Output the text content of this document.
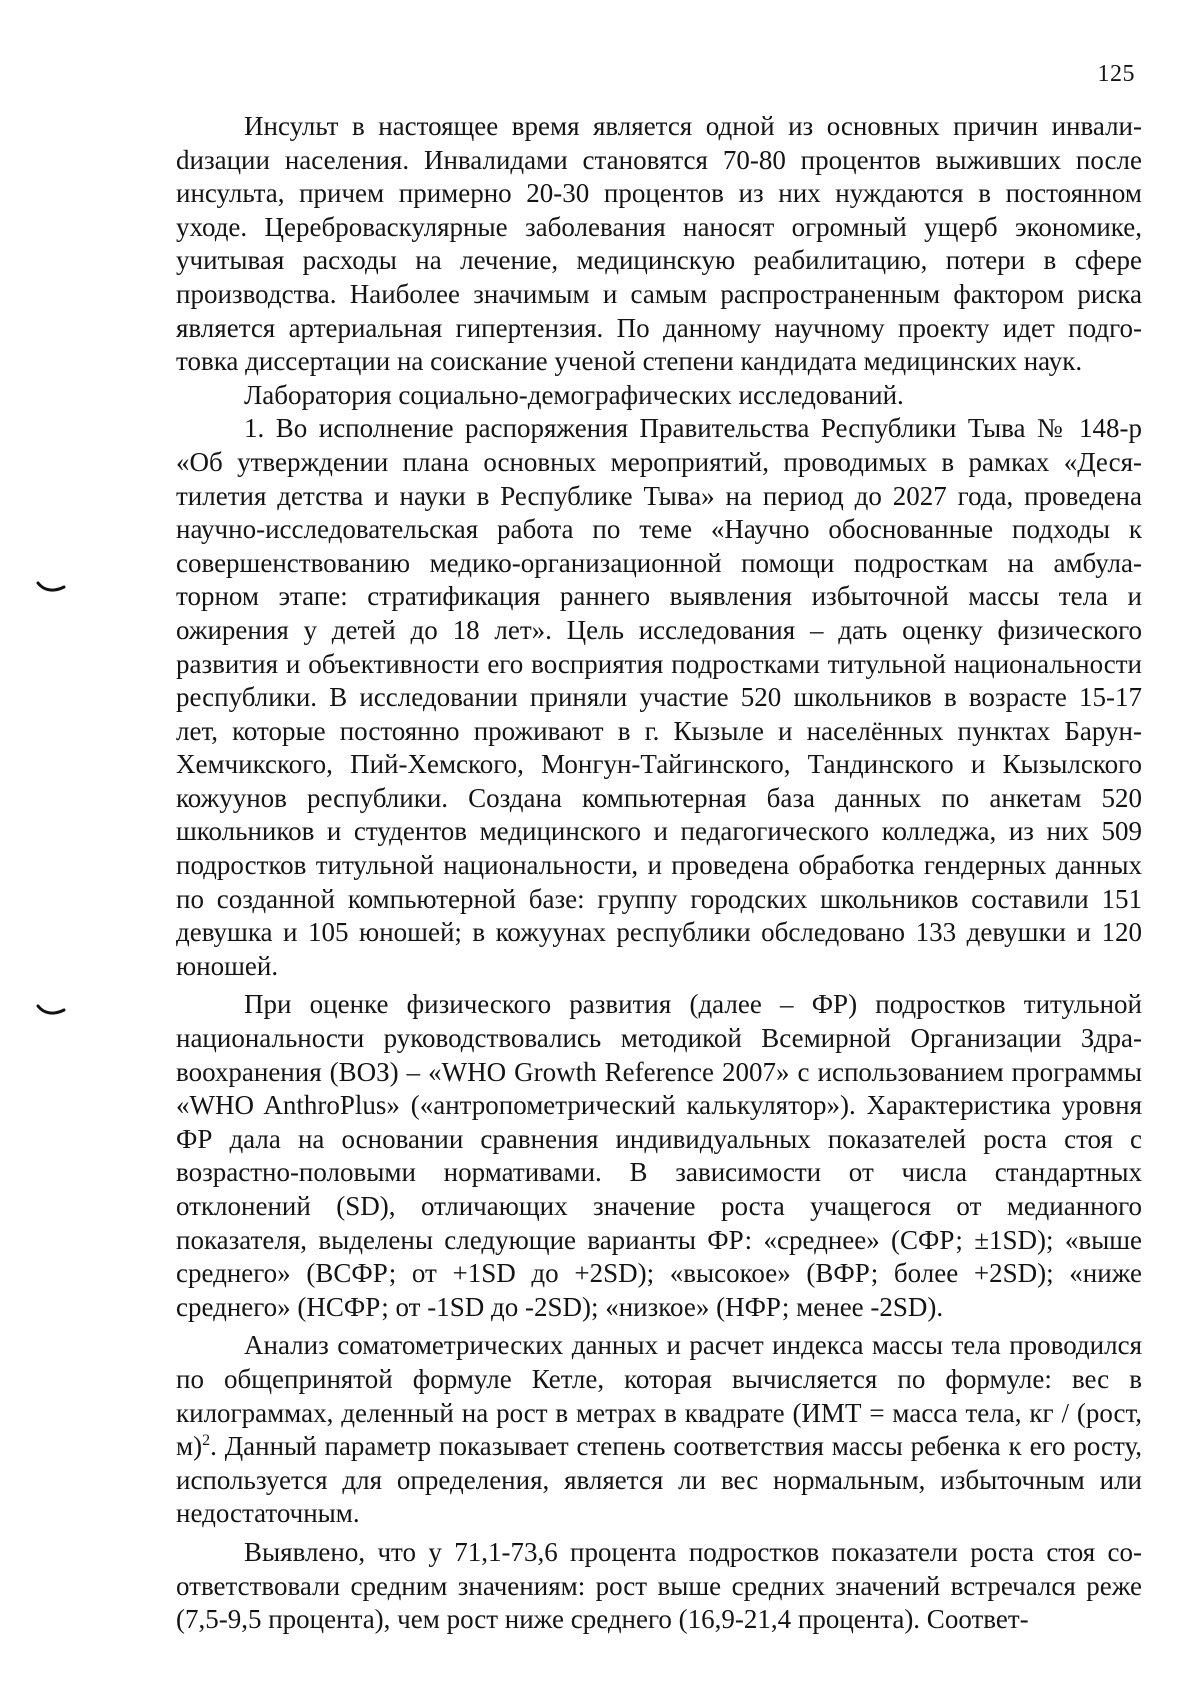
125

Инсульт в настоящее время является одной из основных причин инвалиdизации населения. Инвалидами становятся 70-80 процентов выживших после инсульта, причем примерно 20-30 процентов из них нуждаются в постоянном уходе. Цереброваскулярные заболевания наносят огромный ущерб экономике, учитывая расходы на лечение, медицинскую реабилитацию, потери в сфере производства. Наиболее значимым и самым распространенным фактором риска является артериальная гипертензия. По данному научному проекту идет подготовка диссертации на соискание ученой степени кандидата медицинских наук.

Лаборатория социально-демографических исследований.

1. Во исполнение распоряжения Правительства Республики Тыва № 148-р «Об утверждении плана основных мероприятий, проводимых в рамках «Десятилетия детства и науки в Республике Тыва» на период до 2027 года, проведена научно-исследовательская работа по теме «Научно обоснованные подходы к совершенствованию медико-организационной помощи подросткам на амбулаторном этапе: стратификация раннего выявления избыточной массы тела и ожирения у детей до 18 лет». Цель исследования – дать оценку физического развития и объективности его восприятия подростками титульной национальности республики. В исследовании приняли участие 520 школьников в возрасте 15-17 лет, которые постоянно проживают в г. Кызыле и населённых пунктах Барун-Хемчикского, Пий-Хемского, Монгун-Тайгинского, Тандинского и Кызылского кожуунов республики. Создана компьютерная база данных по анкетам 520 школьников и студентов медицинского и педагогического колледжа, из них 509 подростков титульной национальности, и проведена обработка гендерных данных по созданной компьютерной базе: группу городских школьников составили 151 девушка и 105 юношей; в кожуунах республики обследовано 133 девушки и 120 юношей.

При оценке физического развития (далее – ФР) подростков титульной национальности руководствовались методикой Всемирной Организации Здравоохранения (ВОЗ) – «WHO Growth Reference 2007» с использованием программы «WHO AnthroPlus» («антропометрический калькулятор»). Характеристика уровня ФР дала на основании сравнения индивидуальных показателей роста стоя с возрастно-половыми нормативами. В зависимости от числа стандартных отклонений (SD), отличающих значение роста учащегося от медианного показателя, выделены следующие варианты ФР: «среднее» (СФР; ±1SD); «выше среднего» (ВСФР; от +1SD до +2SD); «высокое» (ВФР; более +2SD); «ниже среднего» (НСФР; от -1SD до -2SD); «низкое» (НФР; менее -2SD).

Анализ соматометрических данных и расчет индекса массы тела проводился по общепринятой формуле Кетле, которая вычисляется по формуле: вес в килограммах, деленный на рост в метрах в квадрате (ИМТ = масса тела, кг / (рост, м)$^2$. Данный параметр показывает степень соответствия массы ребенка к его росту, используется для определения, является ли вес нормальным, избыточным или недостаточным.

Выявлено, что у 71,1-73,6 процента подростков показатели роста стоя соответствовали средним значениям: рост выше средних значений встречался реже (7,5-9,5 процента), чем рост ниже среднего (16,9-21,4 процента). Соответ-
